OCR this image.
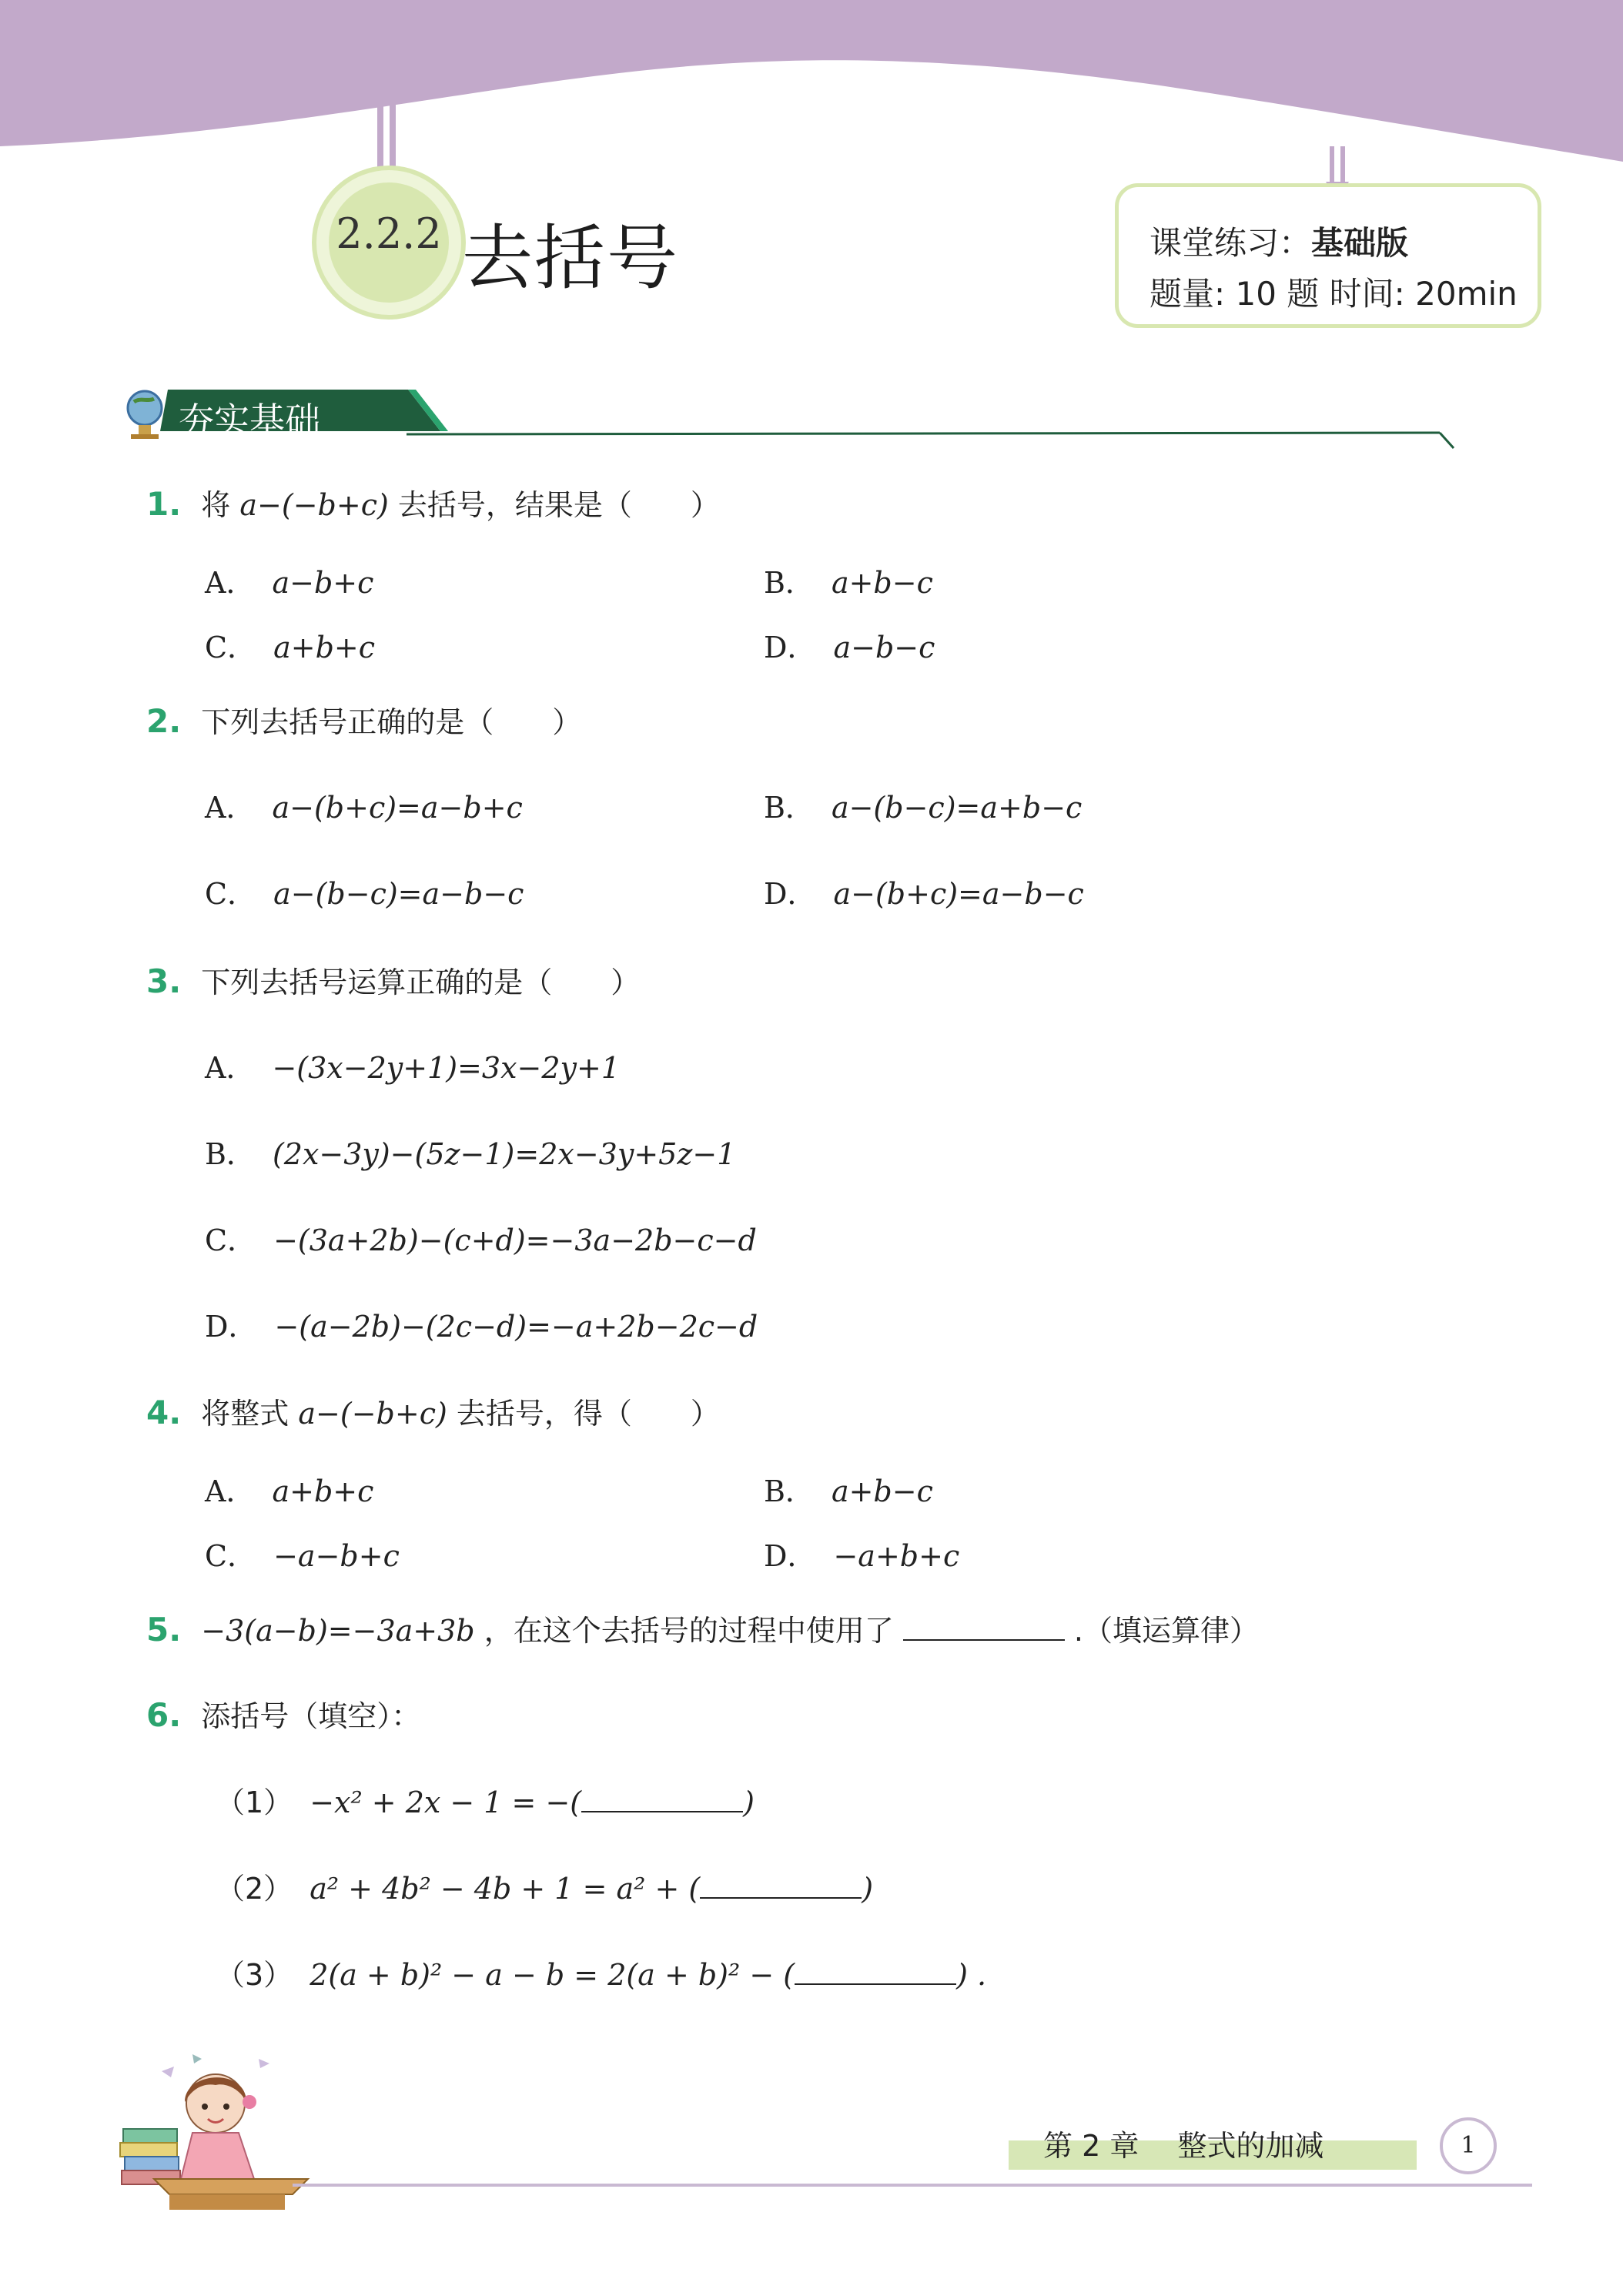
2.2.2 去括号	课堂练习：基础版
题量: 10 题 时间: 20min
夯实基础
1. 将 a−(−b+c) 去括号，结果是（　　）
A． a−b+c	B． a+b−c
C． a+b+c	D． a−b−c
2. 下列去括号正确的是（　　）
A． a−(b+c)=a−b+c	B． a−(b−c)=a+b−c
C． a−(b−c)=a−b−c	D． a−(b+c)=a−b−c
3. 下列去括号运算正确的是（　　）
A． −(3x−2y+1)=3x−2y+1
B． (2x−3y)−(5z−1)=2x−3y+5z−1
C． −(3a+2b)−(c+d)=−3a−2b−c−d
D． −(a−2b)−(2c−d)=−a+2b−2c−d
4. 将整式 a−(−b+c) 去括号，得（　　）
A． a+b+c	B． a+b−c
C． −a−b+c	D． −a+b+c
5. −3(a−b)=−3a+3b ，在这个去括号的过程中使用了	.（填运算律）
6. 添括号（填空）：
（1） −x² + 2x − 1 = −(	)
（2） a² + 4b² − 4b + 1 = a² + (	)
（3） 2(a + b)² − a − b = 2(a + b)² − (	) .
第 2 章　 整式的加减	1
